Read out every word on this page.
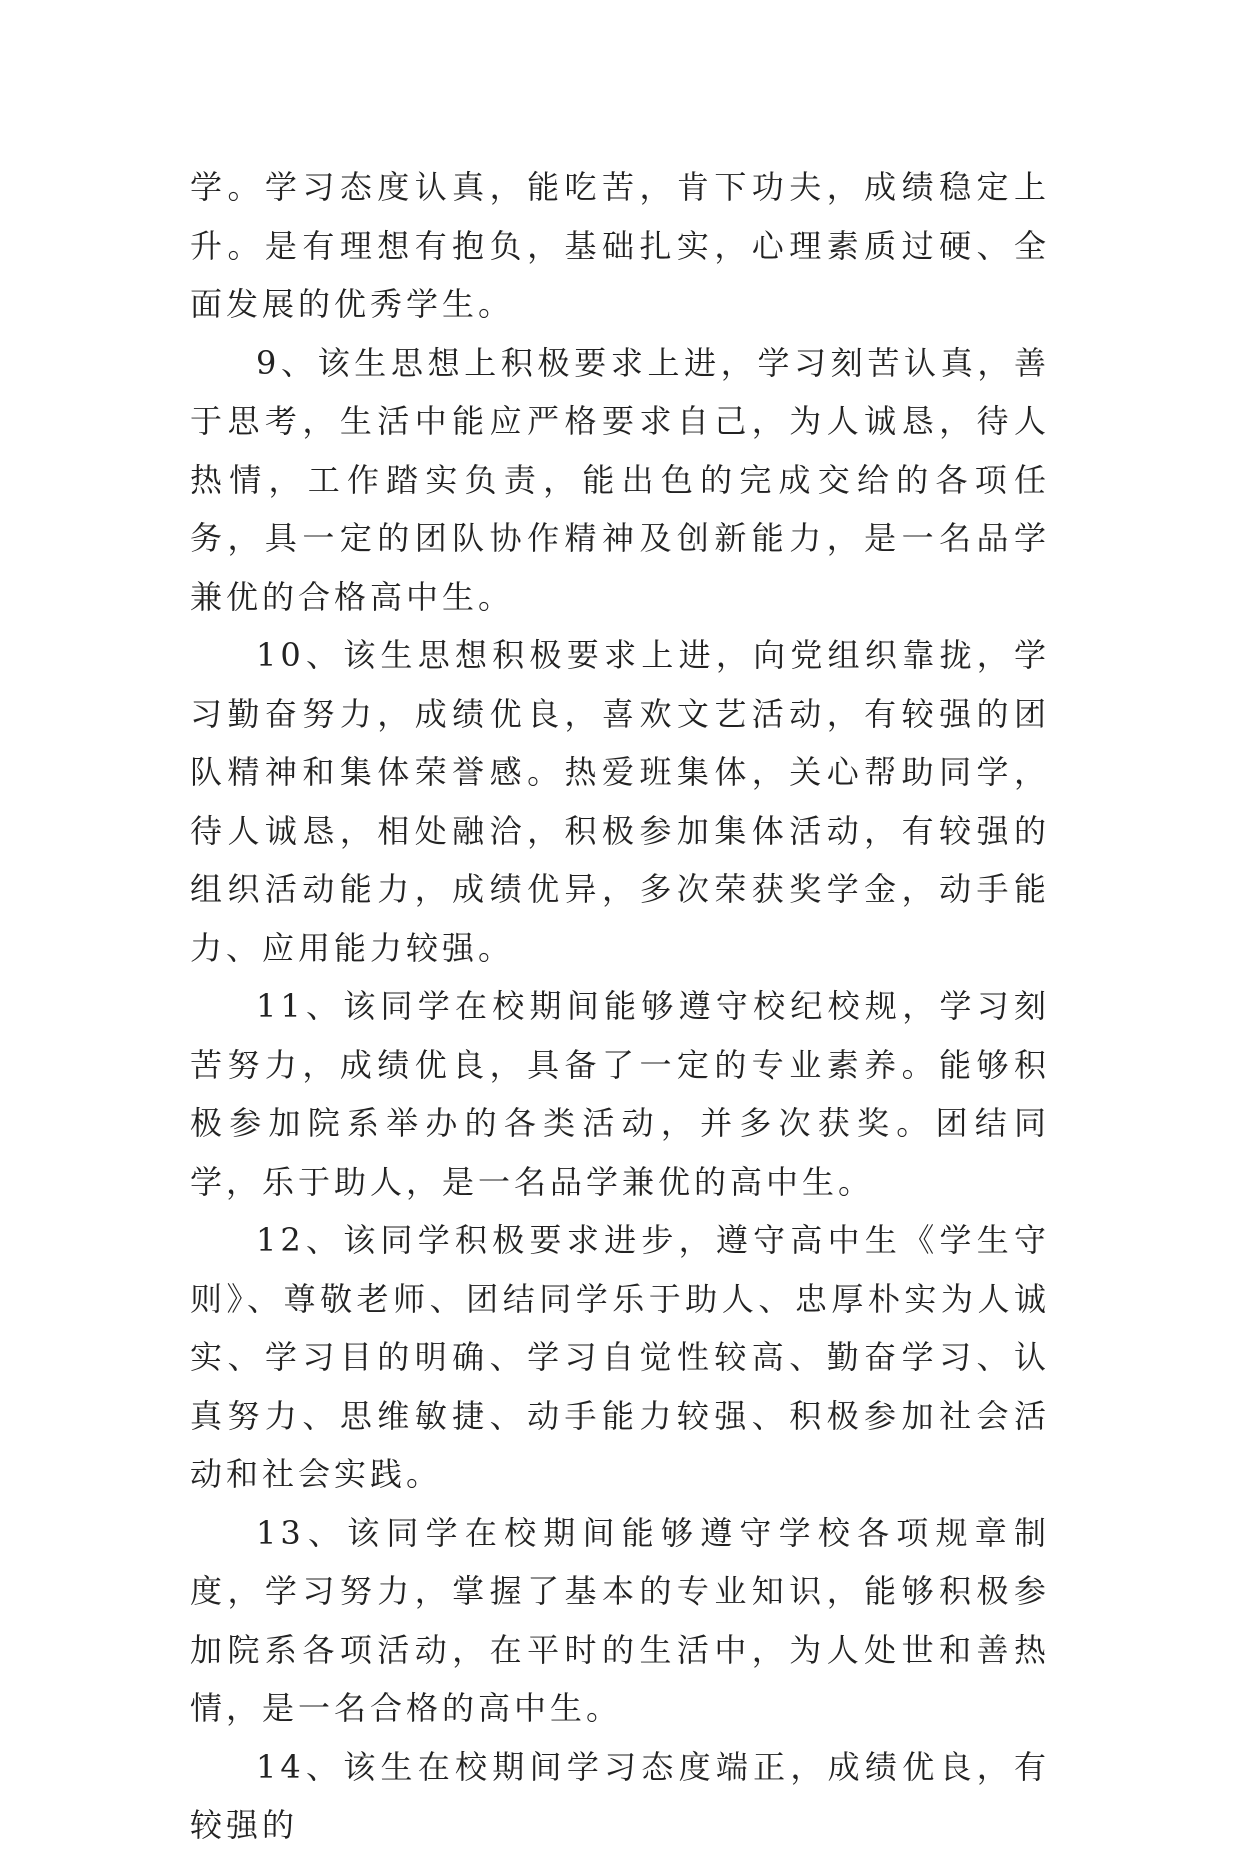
学。学习态度认真，能吃苦，肯下功夫，成绩稳定上升。是有理想有抱负，基础扎实，心理素质过硬、全面发展的优秀学生。

9、该生思想上积极要求上进，学习刻苦认真，善于思考，生活中能应严格要求自己，为人诚恳，待人热情，工作踏实负责，能出色的完成交给的各项任务，具一定的团队协作精神及创新能力，是一名品学兼优的合格高中生。

10、该生思想积极要求上进，向党组织靠拢，学习勤奋努力，成绩优良，喜欢文艺活动，有较强的团队精神和集体荣誉感。热爱班集体，关心帮助同学，待人诚恳，相处融洽，积极参加集体活动，有较强的组织活动能力，成绩优异，多次荣获奖学金，动手能力、应用能力较强。

11、该同学在校期间能够遵守校纪校规，学习刻苦努力，成绩优良，具备了一定的专业素养。能够积极参加院系举办的各类活动，并多次获奖。团结同学，乐于助人，是一名品学兼优的高中生。

12、该同学积极要求进步，遵守高中生《学生守则》、尊敬老师、团结同学乐于助人、忠厚朴实为人诚实、学习目的明确、学习自觉性较高、勤奋学习、认真努力、思维敏捷、动手能力较强、积极参加社会活动和社会实践。

13、该同学在校期间能够遵守学校各项规章制度，学习努力，掌握了基本的专业知识，能够积极参加院系各项活动，在平时的生活中，为人处世和善热情，是一名合格的高中生。

14、该生在校期间学习态度端正，成绩优良，有较强的
